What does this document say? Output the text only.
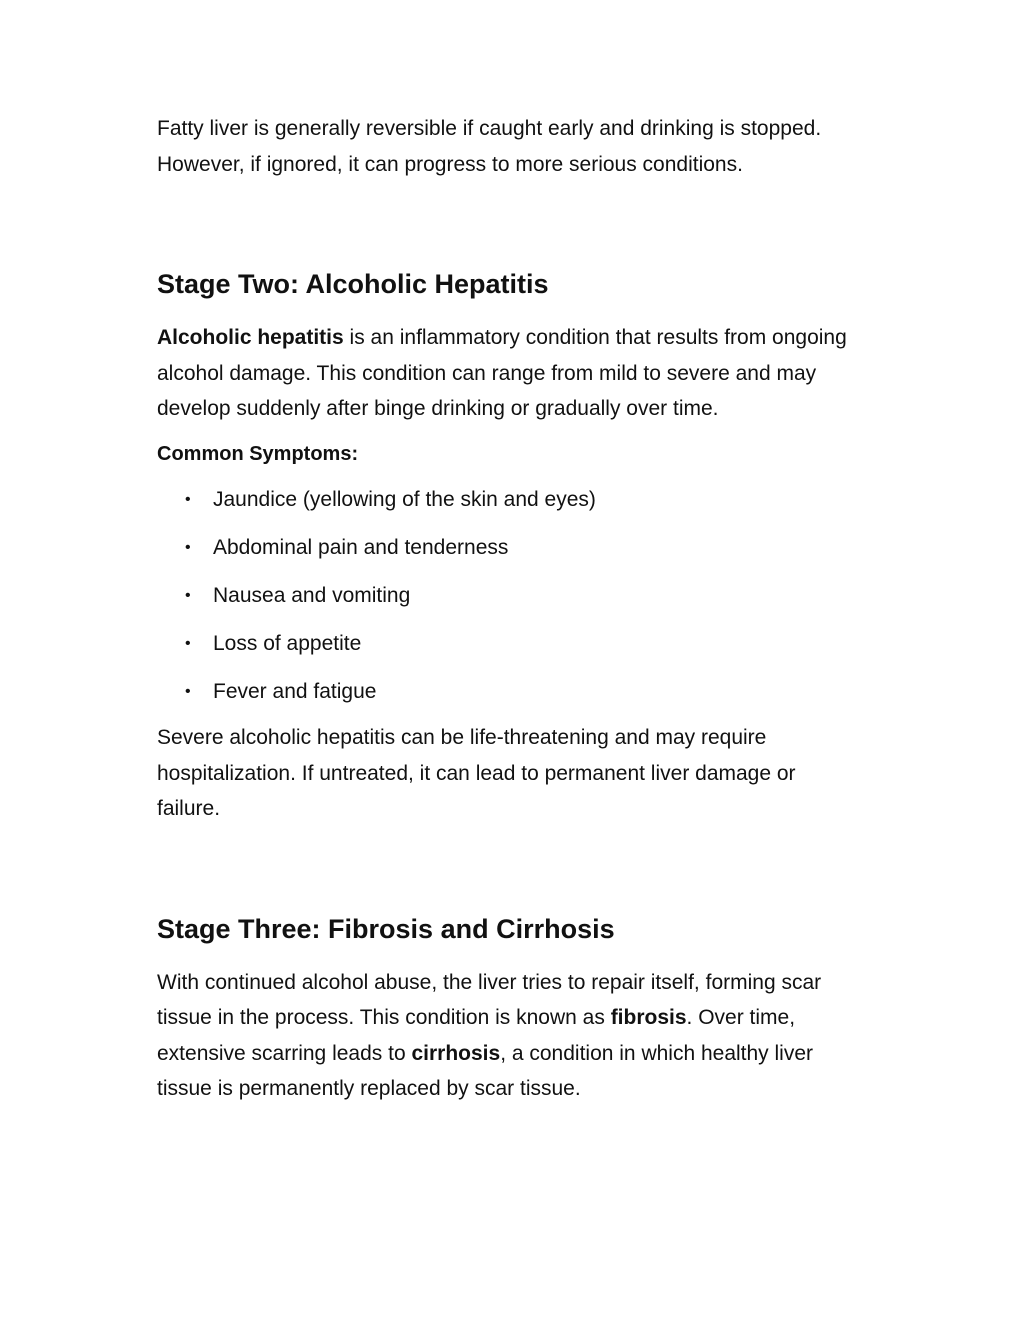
Fatty liver is generally reversible if caught early and drinking is stopped. However, if ignored, it can progress to more serious conditions.

Stage Two: Alcoholic Hepatitis

Alcoholic hepatitis is an inflammatory condition that results from ongoing alcohol damage. This condition can range from mild to severe and may develop suddenly after binge drinking or gradually over time.

Common Symptoms:

• Jaundice (yellowing of the skin and eyes)
• Abdominal pain and tenderness
• Nausea and vomiting
• Loss of appetite
• Fever and fatigue

Severe alcoholic hepatitis can be life-threatening and may require hospitalization. If untreated, it can lead to permanent liver damage or failure.

Stage Three: Fibrosis and Cirrhosis

With continued alcohol abuse, the liver tries to repair itself, forming scar tissue in the process. This condition is known as fibrosis. Over time, extensive scarring leads to cirrhosis, a condition in which healthy liver tissue is permanently replaced by scar tissue.
